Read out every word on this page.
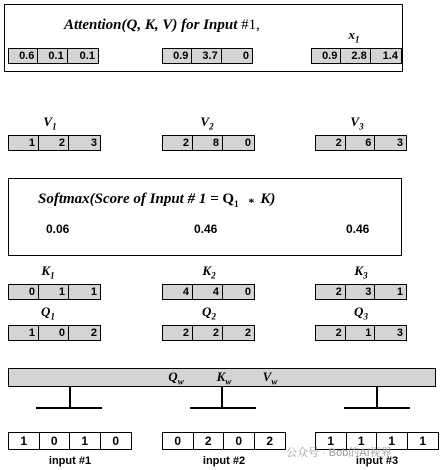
Attention(Q, K, V) for Input #1,
$x_1$
0.6	0.1	0.1	0.9	3.7	0	0.9	2.8	1.4
$V_1$	$V_2$	$V_3$
1	2	3	2	8	0	2	6	3
Softmax(Score of Input # $1 = Q_1$ $_*$ K)
0.06	0.46	0.46
$K_1$	$K_2$	$K_3$
0	1	1	4	4	0	2	3	1
$Q_1$	$Q_2$	$Q_3$
1	0	2	2	2	2	2	1	3
$Q_w$	$K_w$	$V_w$
1	0	1	0	0	2	0	2	1	1	1	1
input #1	input #2	input #3
公众号 · Bob的AI视界
